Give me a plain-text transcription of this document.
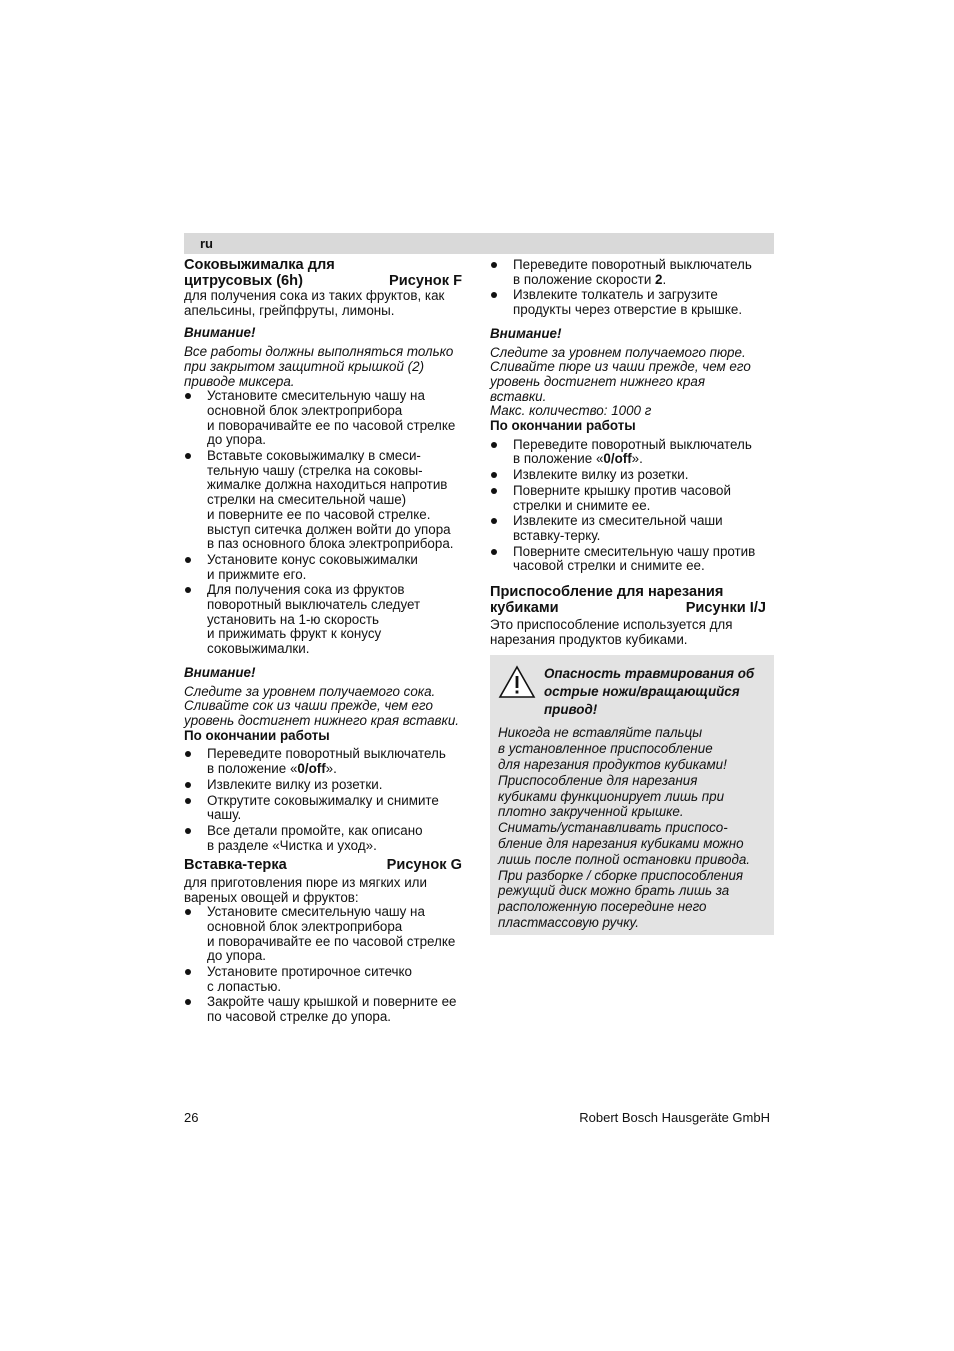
ru
Соковыжималка для
цитрусовых (6h)	Рисунок F

для получения сока из таких фруктов, как

апельсины, грейпфруты, лимоны.

Внимание!

Все работы должны выполняться только

при закрытом защитной крышкой (2)

приводе миксера.

Установите смесительную чашу на
основной блок электроприбора
и поворачивайте ее по часовой стрелке
до упора.
Вставьте соковыжималку в смеси-
тельную чашу (стрелка на соковы-
жималке должна находиться напротив
стрелки на смесительной чаше)
и поверните ее по часовой стрелке.
выступ ситечка должен войти до упора
в паз основного блока электроприбора.
Установите конус соковыжималки
и прижмите его.
Для получения сока из фруктов
поворотный выключатель следует
установить на 1-ю скорость
и прижимать фрукт к конусу
соковыжималки.

Внимание!

Следите за уровнем получаемого сока.

Сливайте сок из чаши прежде, чем его

уровень достигнет нижнего края вставки.

По окончании работы

Переведите поворотный выключатель
в положение «0/off».
Извлеките вилку из розетки.
Открутите соковыжималку и снимите
чашу.
Все детали промойте, как описано
в разделе «Чистка и уход».
Вставка-терка	Рисунок G

для приготовления пюре из мягких или

вареных овощей и фруктов:

Установите смесительную чашу на
основной блок электроприбора
и поворачивайте ее по часовой стрелке
до упора.
Установите протирочное ситечко
с лопастью.
Закройте чашу крышкой и поверните ее
по часовой стрелке до упора.
Переведите поворотный выключатель
в положение скорости 2.
Извлеките толкатель и загрузите
продукты через отверстие в крышке.

Внимание!

Следите за уровнем получаемого пюре.

Сливайте пюре из чаши прежде, чем его

уровень достигнет нижнего края

вставки.

Макс. количество: 1000 г

По окончании работы

Переведите поворотный выключатель
в положение «0/off».
Извлеките вилку из розетки.
Поверните крышку против часовой
стрелки и снимите ее.
Извлеките из смесительной чаши
вставку-терку.
Поверните смесительную чашу против
часовой стрелки и снимите ее.
Приспособление для нарезания
кубиками	Рисунки I/J

Это приспособление используется для

нарезания продуктов кубиками.

Опасность травмирования об
острые ножи/вращающийся
привод!
Никогда не вставляйте пальцы
в установленное приспособление
для нарезания продуктов кубиками!
Приспособление для нарезания
кубиками функционирует лишь при
плотно закрученной крышке.
Снимать/устанавливать приспосо-
бление для нарезания кубиками можно
лишь после полной остановки привода.
При разборке / сборке приспособления
режущий диск можно брать лишь за
расположенную посередине него
пластмассовую ручку.
26	Robert Bosch Hausgeräte GmbH
